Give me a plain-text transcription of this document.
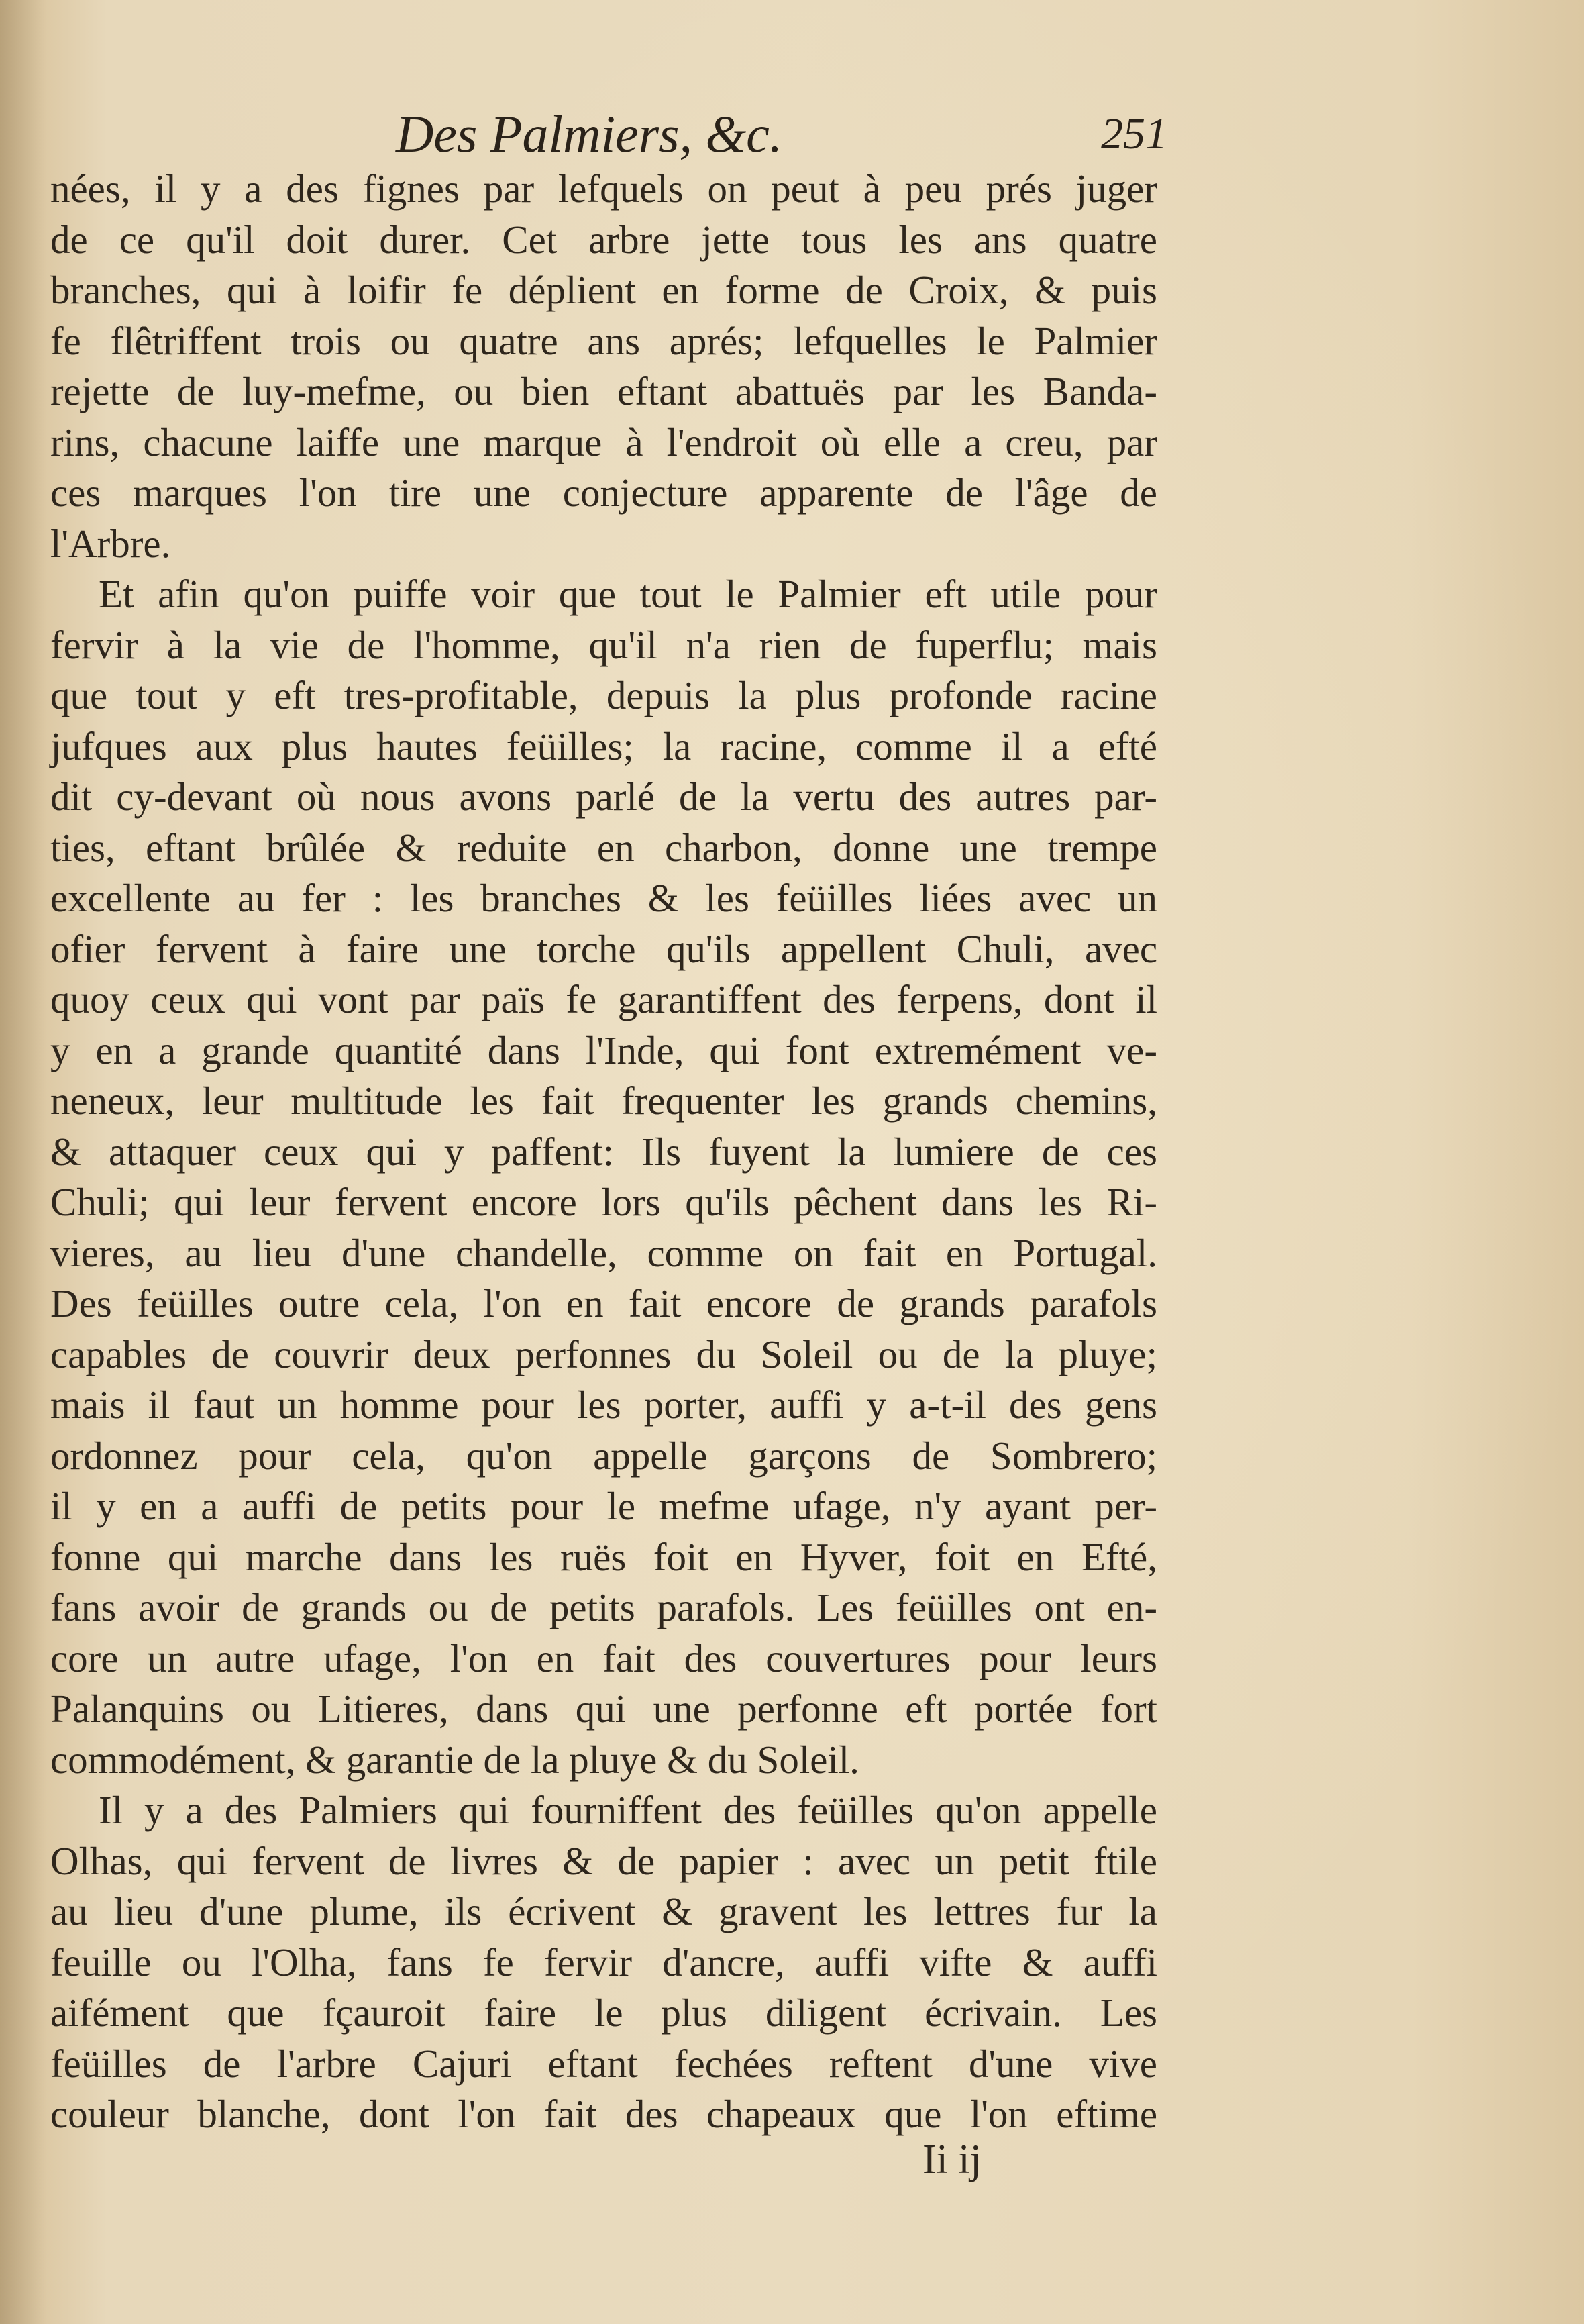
Des Palmiers, &c.	251
nées, il y a des fignes par lefquels on peut à peu prés juger
de ce qu'il doit durer. Cet arbre jette tous les ans quatre
branches, qui à loifir fe déplient en forme de Croix, & puis
fe flêtriffent trois ou quatre ans aprés; lefquelles le Palmier
rejette de luy-mefme, ou bien eftant abattuës par les Banda-
rins, chacune laiffe une marque à l'endroit où elle a creu, par
ces marques l'on tire une conjecture apparente de l'âge de
l'Arbre.
Et afin qu'on puiffe voir que tout le Palmier eft utile pour
fervir à la vie de l'homme, qu'il n'a rien de fuperflu; mais
que tout y eft tres-profitable, depuis la plus profonde racine
jufques aux plus hautes feüilles; la racine, comme il a efté
dit cy-devant où nous avons parlé de la vertu des autres par-
ties, eftant brûlée & reduite en charbon, donne une trempe
excellente au fer : les branches & les feüilles liées avec un
ofier fervent à faire une torche qu'ils appellent Chuli, avec
quoy ceux qui vont par païs fe garantiffent des ferpens, dont il
y en a grande quantité dans l'Inde, qui font extremément ve-
neneux, leur multitude les fait frequenter les grands chemins,
& attaquer ceux qui y paffent: Ils fuyent la lumiere de ces
Chuli; qui leur fervent encore lors qu'ils pêchent dans les Ri-
vieres, au lieu d'une chandelle, comme on fait en Portugal.
Des feüilles outre cela, l'on en fait encore de grands parafols
capables de couvrir deux perfonnes du Soleil ou de la pluye;
mais il faut un homme pour les porter, auffi y a-t-il des gens
ordonnez pour cela, qu'on appelle garçons de Sombrero;
il y en a auffi de petits pour le mefme ufage, n'y ayant per-
fonne qui marche dans les ruës foit en Hyver, foit en Efté,
fans avoir de grands ou de petits parafols. Les feüilles ont en-
core un autre ufage, l'on en fait des couvertures pour leurs
Palanquins ou Litieres, dans qui une perfonne eft portée fort
commodément, & garantie de la pluye & du Soleil.
Il y a des Palmiers qui fourniffent des feüilles qu'on appelle
Olhas, qui fervent de livres & de papier : avec un petit ftile
au lieu d'une plume, ils écrivent & gravent les lettres fur la
feuille ou l'Olha, fans fe fervir d'ancre, auffi vifte & auffi
aifément que fçauroit faire le plus diligent écrivain. Les
feüilles de l'arbre Cajuri eftant fechées reftent d'une vive
couleur blanche, dont l'on fait des chapeaux que l'on eftime
Ii ij
